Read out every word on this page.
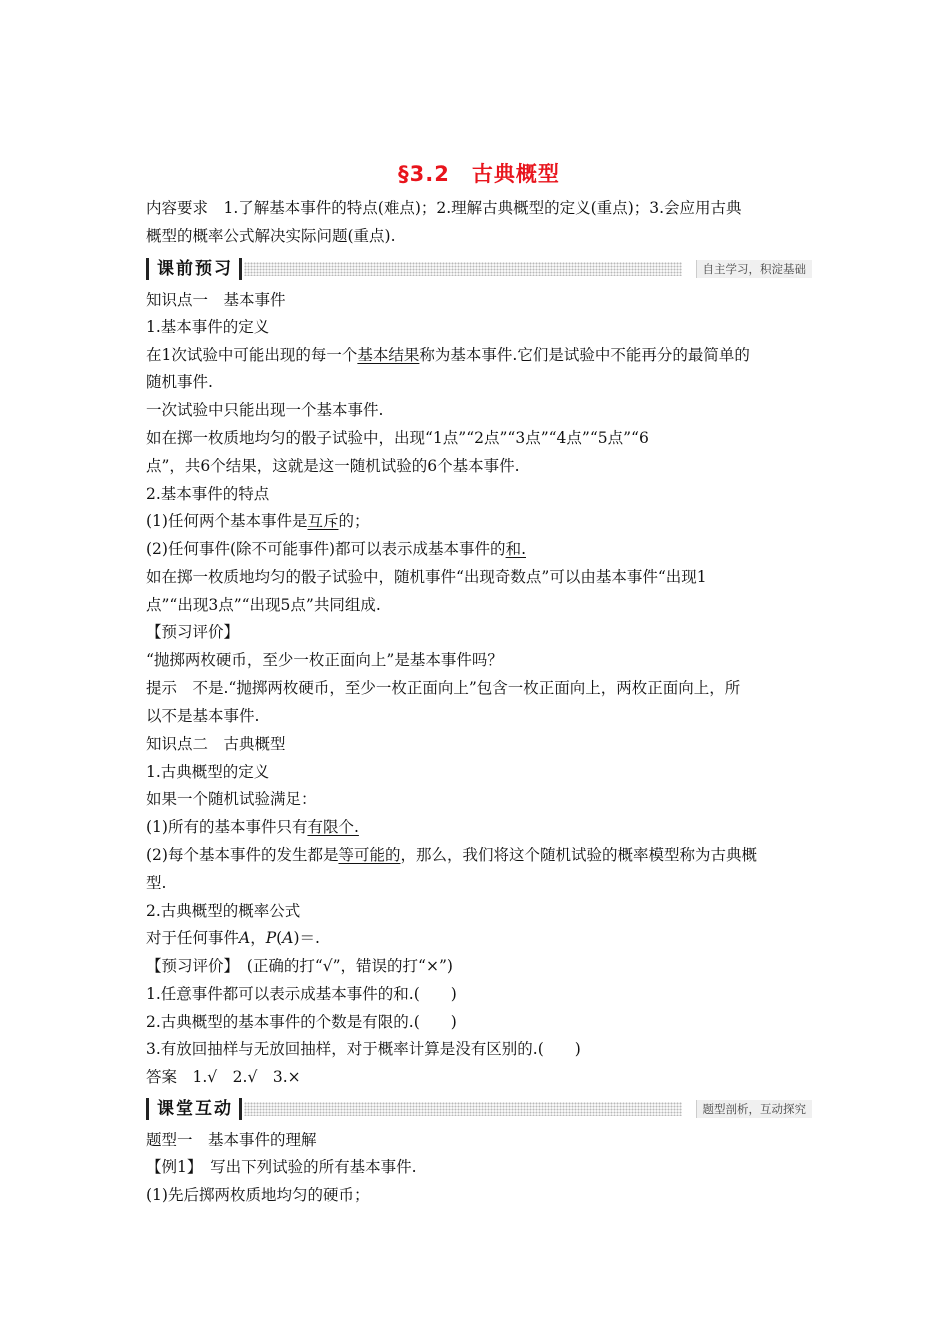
§3.2　古典概型
内容要求　1.了解基本事件的特点(难点)；2.理解古典概型的定义(重点)；3.会应用古典
概型的概率公式解决实际问题(重点).
课前预习	自主学习，积淀基础
知识点一　基本事件
1.基本事件的定义
在1次试验中可能出现的每一个基本结果称为基本事件.它们是试验中不能再分的最简单的
随机事件.
一次试验中只能出现一个基本事件.
如在掷一枚质地均匀的骰子试验中，出现“1点”“2点”“3点”“4点”“5点”“6
点”，共6个结果，这就是这一随机试验的6个基本事件.
2.基本事件的特点
(1)任何两个基本事件是互斥的；
(2)任何事件(除不可能事件)都可以表示成基本事件的和.
如在掷一枚质地均匀的骰子试验中，随机事件“出现奇数点”可以由基本事件“出现1
点”“出现3点”“出现5点”共同组成.
【预习评价】
“抛掷两枚硬币，至少一枚正面向上”是基本事件吗？
提示　不是.“抛掷两枚硬币，至少一枚正面向上”包含一枚正面向上，两枚正面向上，所
以不是基本事件.
知识点二　古典概型
1.古典概型的定义
如果一个随机试验满足：
(1)所有的基本事件只有有限个.
(2)每个基本事件的发生都是等可能的，那么，我们将这个随机试验的概率模型称为古典概
型.
2.古典概型的概率公式
对于任何事件A，P(A)＝.
【预习评价】　(正确的打“√”，错误的打“×”)
1.任意事件都可以表示成基本事件的和.(　　)
2.古典概型的基本事件的个数是有限的.(　　)
3.有放回抽样与无放回抽样，对于概率计算是没有区别的.(　　)
答案　1.√　2.√　3.×
课堂互动	题型剖析，互动探究
题型一　基本事件的理解
【例1】　写出下列试验的所有基本事件.
(1)先后掷两枚质地均匀的硬币；
